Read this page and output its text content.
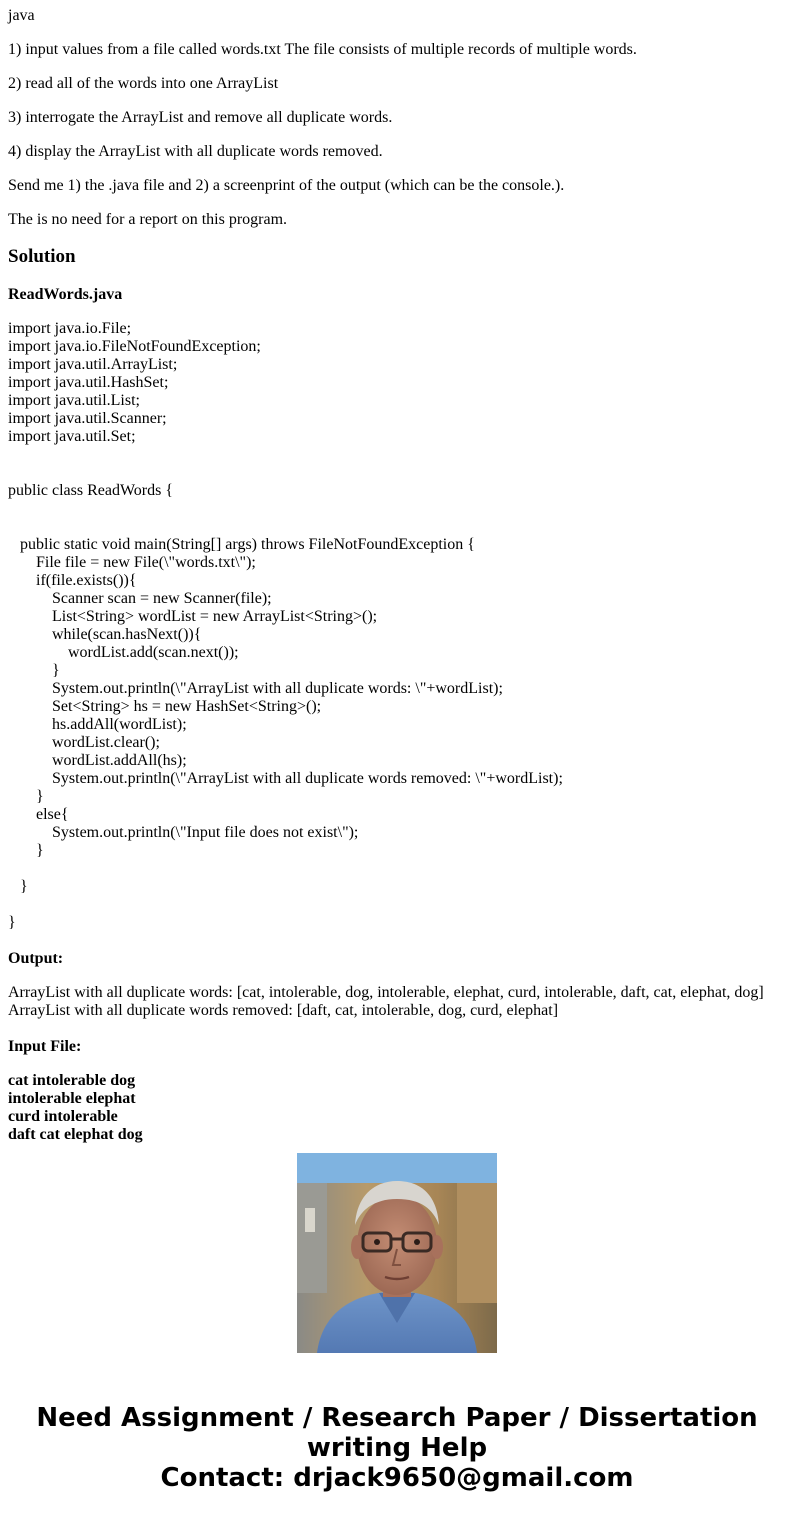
java

1) input values from a file called words.txt The file consists of multiple records of multiple words.

2) read all of the words into one ArrayList

3) interrogate the ArrayList and remove all duplicate words.

4) display the ArrayList with all duplicate words removed.

Send me 1) the .java file and 2) a screenprint of the output (which can be the console.).

The is no need for a report on this program.

Solution
ReadWords.java
import java.io.File;
import java.io.FileNotFoundException;
import java.util.ArrayList;
import java.util.HashSet;
import java.util.List;
import java.util.Scanner;
import java.util.Set;
public class ReadWords {
public static void main(String[] args) throws FileNotFoundException {
File file = new File(\"words.txt\");
if(file.exists()){
Scanner scan = new Scanner(file);
List<String> wordList = new ArrayList<String>();
while(scan.hasNext()){
wordList.add(scan.next());
}
System.out.println(\"ArrayList with all duplicate words: \"+wordList);
Set<String> hs = new HashSet<String>();
hs.addAll(wordList);
wordList.clear();
wordList.addAll(hs);
System.out.println(\"ArrayList with all duplicate words removed: \"+wordList);
}
else{
System.out.println(\"Input file does not exist\");
}
}
}
Output:
ArrayList with all duplicate words: [cat, intolerable, dog, intolerable, elephat, curd, intolerable, daft, cat, elephat, dog]
ArrayList with all duplicate words removed: [daft, cat, intolerable, dog, curd, elephat]
Input File:
cat intolerable dog
intolerable elephat
curd intolerable
daft cat elephat dog
Need Assignment / Research Paper / Dissertation
writing Help
Contact: drjack9650@gmail.com
